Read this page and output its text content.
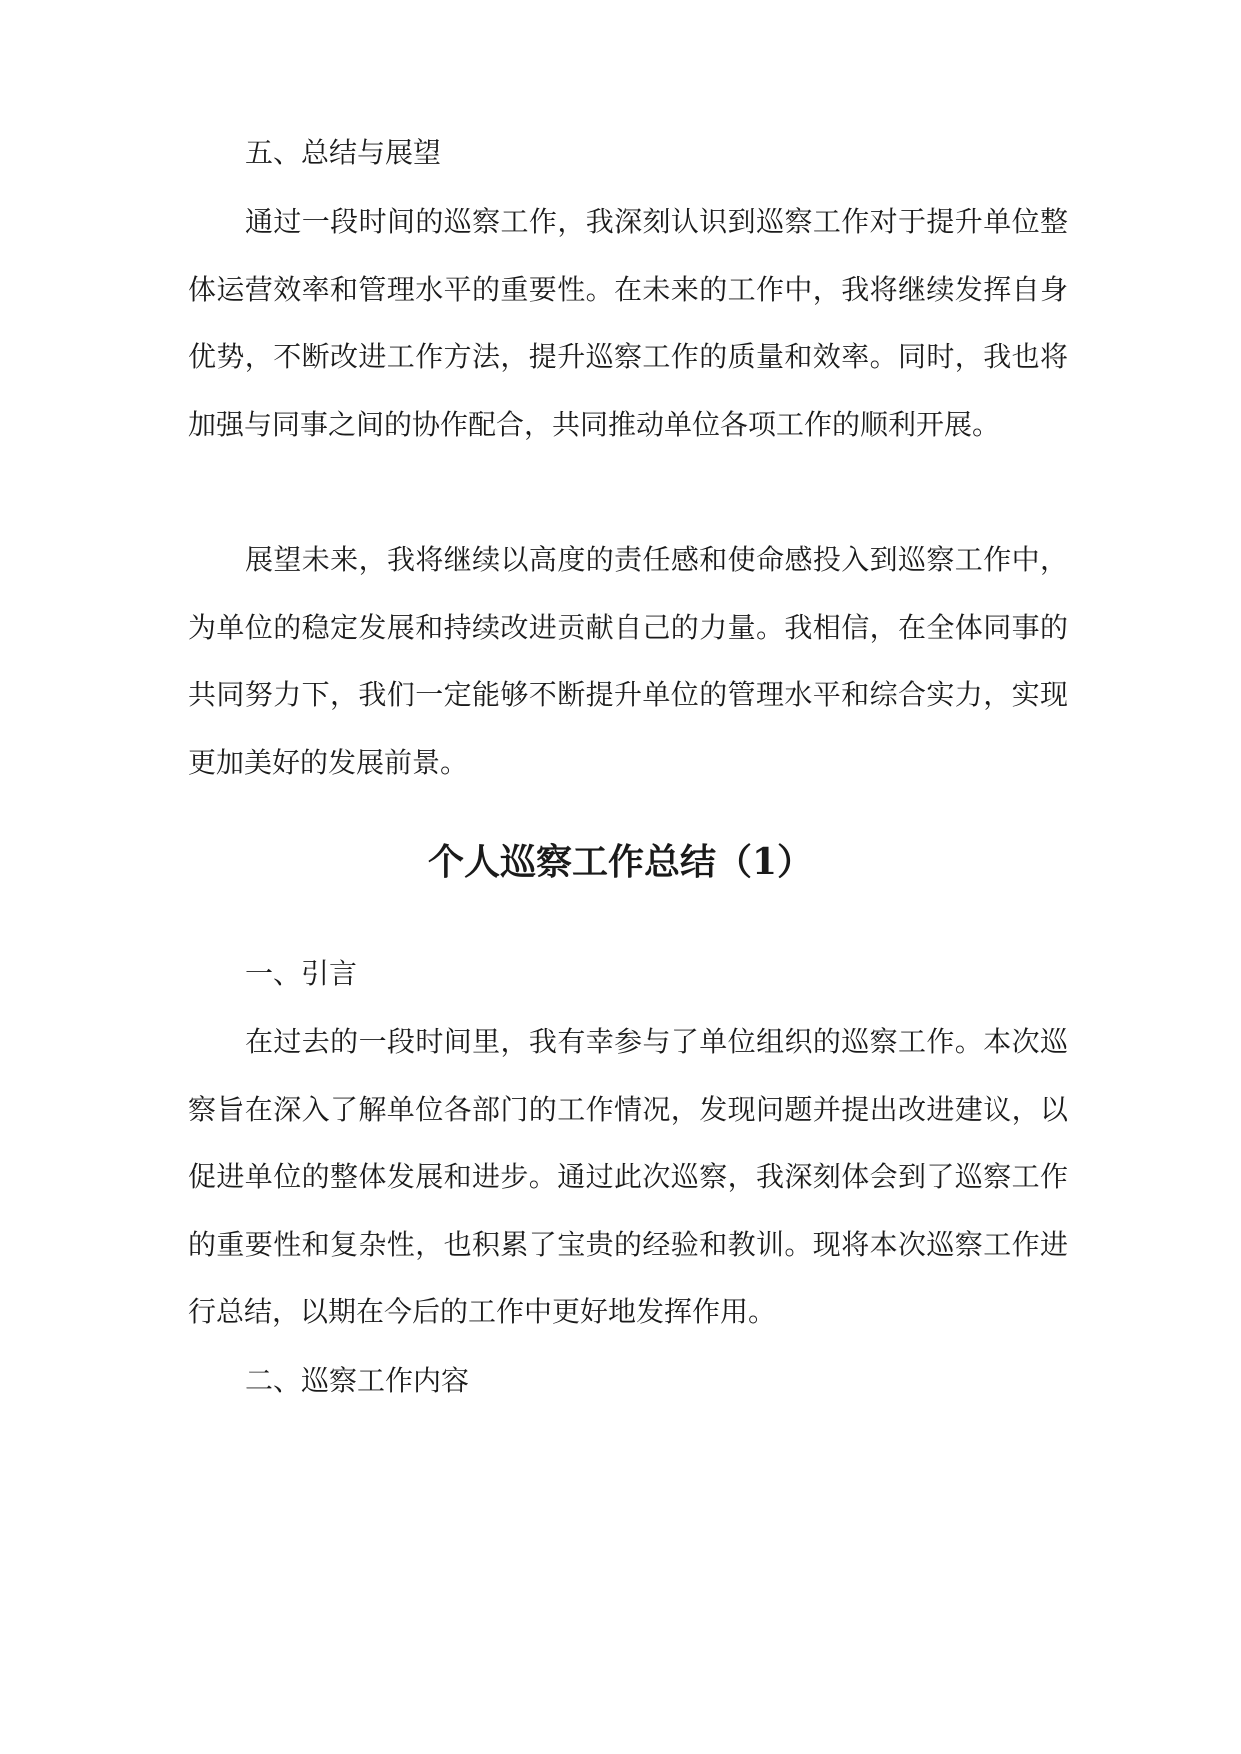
五、总结与展望

通过一段时间的巡察工作，我深刻认识到巡察工作对于提升单位整体运营效率和管理水平的重要性。在未来的工作中，我将继续发挥自身优势，不断改进工作方法，提升巡察工作的质量和效率。同时，我也将加强与同事之间的协作配合，共同推动单位各项工作的顺利开展。

展望未来，我将继续以高度的责任感和使命感投入到巡察工作中，为单位的稳定发展和持续改进贡献自己的力量。我相信，在全体同事的共同努力下，我们一定能够不断提升单位的管理水平和综合实力，实现更加美好的发展前景。

个人巡察工作总结（1）
一、引言

在过去的一段时间里，我有幸参与了单位组织的巡察工作。本次巡察旨在深入了解单位各部门的工作情况，发现问题并提出改进建议，以促进单位的整体发展和进步。通过此次巡察，我深刻体会到了巡察工作的重要性和复杂性，也积累了宝贵的经验和教训。现将本次巡察工作进行总结，以期在今后的工作中更好地发挥作用。

二、巡察工作内容
